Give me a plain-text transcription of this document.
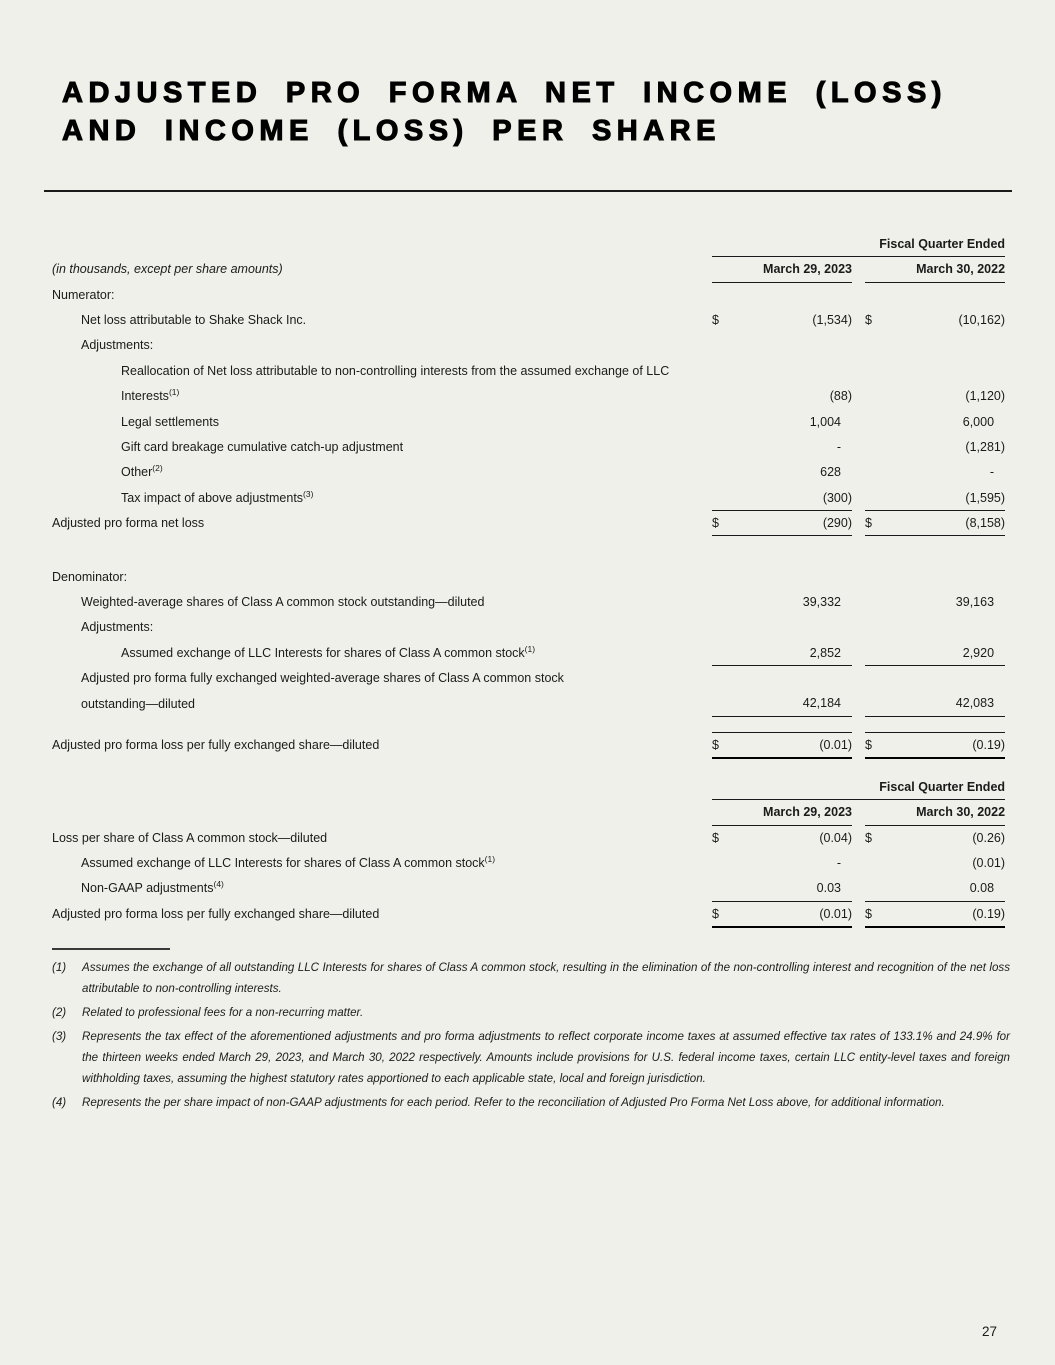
ADJUSTED PRO FORMA NET INCOME (LOSS)
AND INCOME (LOSS) PER SHARE
	Fiscal Quarter Ended				
(in thousands, except per share amounts)	March 29, 2023			March 30, 2022	
Numerator:					
Net loss attributable to Shake Shack Inc.	$	(1,534)		$	(10,162)
Adjustments:					
Reallocation of Net loss attributable to non-controlling interests from the assumed exchange of LLC					
Interests$^{(1)}$		(88)			(1,120)
Legal settlements		1,004			6,000
Gift card breakage cumulative catch-up adjustment		-			(1,281)
Other$^{(2)}$		628			-
Tax impact of above adjustments$^{(3)}$		(300)			(1,595)
Adjusted pro forma net loss	$	(290)		$	(8,158)

Denominator:					
Weighted-average shares of Class A common stock outstanding—diluted		39,332			39,163
Adjustments:					
Assumed exchange of LLC Interests for shares of Class A common stock$^{(1)}$		2,852			2,920
Adjusted pro forma fully exchanged weighted-average shares of Class A common stock					
outstanding—diluted		42,184			42,083

Adjusted pro forma loss per fully exchanged share—diluted	$	(0.01)		$	(0.19)
	Fiscal Quarter Ended				
	March 29, 2023			March 30, 2022	
Loss per share of Class A common stock—diluted	$	(0.04)		$	(0.26)
Assumed exchange of LLC Interests for shares of Class A common stock$^{(1)}$		-			(0.01)
Non-GAAP adjustments$^{(4)}$		0.03			0.08
Adjusted pro forma loss per fully exchanged share—diluted	$	(0.01)		$	(0.19)
(1)	Assumes the exchange of all outstanding LLC Interests for shares of Class A common stock, resulting in the elimination of the non-controlling interest and recognition of the net loss attributable to non-controlling interests.
(2)	Related to professional fees for a non-recurring matter.
(3)	Represents the tax effect of the aforementioned adjustments and pro forma adjustments to reflect corporate income taxes at assumed effective tax rates of 133.1% and 24.9% for the thirteen weeks ended March 29, 2023, and March 30, 2022 respectively. Amounts include provisions for U.S. federal income taxes, certain LLC entity-level taxes and foreign withholding taxes, assuming the highest statutory rates apportioned to each applicable state, local and foreign jurisdiction.
(4)	Represents the per share impact of non-GAAP adjustments for each period. Refer to the reconciliation of Adjusted Pro Forma Net Loss above, for additional information.
27
